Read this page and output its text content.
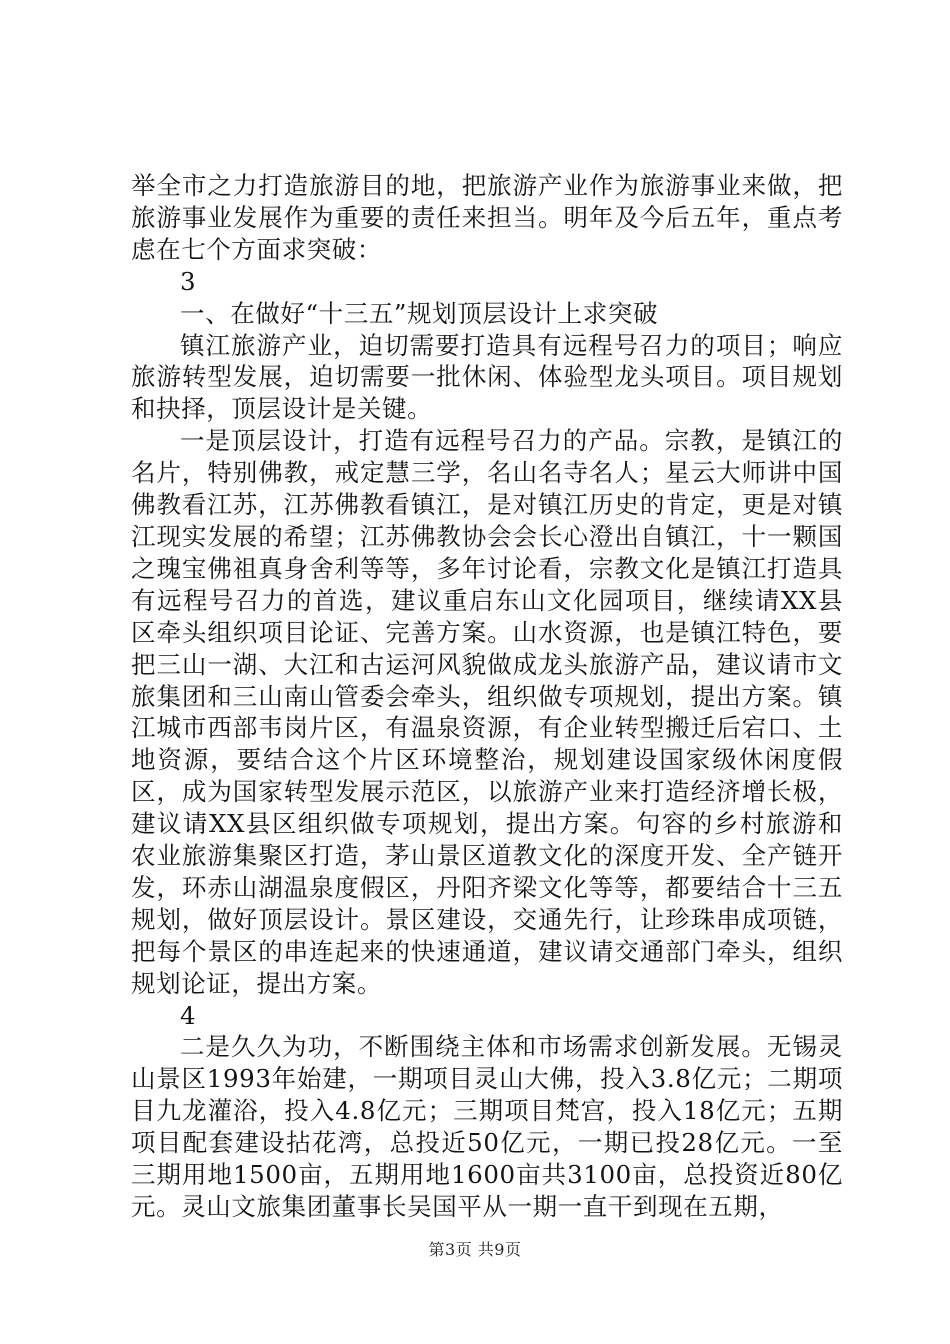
举全市之力打造旅游目的地，把旅游产业作为旅游事业来做，把旅游事业发展作为重要的责任来担当。明年及今后五年，重点考虑在七个方面求突破：

3

一、在做好“十三五”规划顶层设计上求突破

镇江旅游产业，迫切需要打造具有远程号召力的项目；响应旅游转型发展，迫切需要一批休闲、体验型龙头项目。项目规划和抉择，顶层设计是关键。

一是顶层设计，打造有远程号召力的产品。宗教，是镇江的名片，特别佛教，戒定慧三学，名山名寺名人；星云大师讲中国佛教看江苏，江苏佛教看镇江，是对镇江历史的肯定，更是对镇江现实发展的希望；江苏佛教协会会长心澄出自镇江，十一颗国之瑰宝佛祖真身舍利等等，多年讨论看，宗教文化是镇江打造具有远程号召力的首选，建议重启东山文化园项目，继续请XX县区牵头组织项目论证、完善方案。山水资源，也是镇江特色，要把三山一湖、大江和古运河风貌做成龙头旅游产品，建议请市文旅集团和三山南山管委会牵头，组织做专项规划，提出方案。镇江城市西部韦岗片区，有温泉资源，有企业转型搬迁后宕口、土地资源，要结合这个片区环境整治，规划建设国家级休闲度假区，成为国家转型发展示范区，以旅游产业来打造经济增长极，建议请XX县区组织做专项规划，提出方案。句容的乡村旅游和农业旅游集聚区打造，茅山景区道教文化的深度开发、全产链开发，环赤山湖温泉度假区，丹阳齐梁文化等等，都要结合十三五规划，做好顶层设计。景区建设，交通先行，让珍珠串成项链，把每个景区的串连起来的快速通道，建议请交通部门牵头，组织规划论证，提出方案。

4

二是久久为功，不断围绕主体和市场需求创新发展。无锡灵山景区1993年始建，一期项目灵山大佛，投入3.8亿元；二期项目九龙灌浴，投入4.8亿元；三期项目梵宫，投入18亿元；五期项目配套建设拈花湾，总投近50亿元，一期已投28亿元。一至三期用地1500亩，五期用地1600亩共3100亩，总投资近80亿元。灵山文旅集团董事长吴国平从一期一直干到现在五期，

第3页 共9页
